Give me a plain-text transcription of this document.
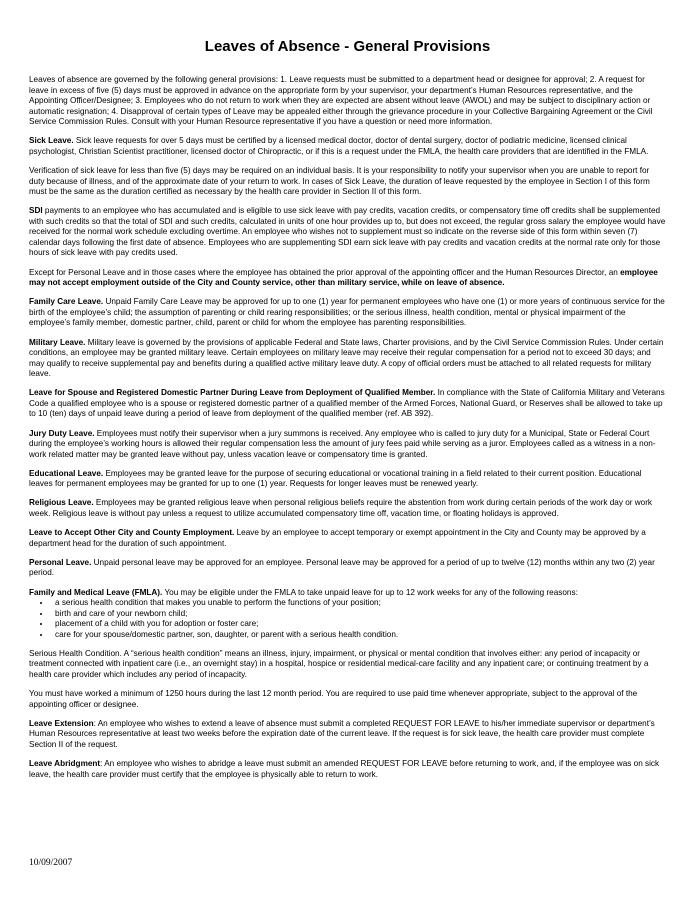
Leaves of Absence - General Provisions

Leaves of absence are governed by the following general provisions: 1. Leave requests must be submitted to a department head or designee for approval; 2. A request for leave in excess of five (5) days must be approved in advance on the appropriate form by your supervisor, your department’s Human Resources representative, and the Appointing Officer/Designee; 3. Employees who do not return to work when they are expected are absent without leave (AWOL) and may be subject to disciplinary action or automatic resignation; 4. Disapproval of certain types of Leave may be appealed either through the grievance procedure in your Collective Bargaining Agreement or the Civil Service Commission Rules. Consult with your Human Resource representative if you have a question or need more information.

Sick Leave. Sick leave requests for over 5 days must be certified by a licensed medical doctor, doctor of dental surgery, doctor of podiatric medicine, licensed clinical psychologist, Christian Scientist practitioner, licensed doctor of Chiropractic, or if this is a request under the FMLA, the health care providers that are identified in the FMLA.

Verification of sick leave for less than five (5) days may be required on an individual basis. It is your responsibility to notify your supervisor when you are unable to report for duty because of illness, and of the approximate date of your return to work. In cases of Sick Leave, the duration of leave requested by the employee in Section I of this form must be the same as the duration certified as necessary by the health care provider in Section II of this form.

SDI payments to an employee who has accumulated and is eligible to use sick leave with pay credits, vacation credits, or compensatory time off credits shall be supplemented with such credits so that the total of SDI and such credits, calculated in units of one hour provides up to, but does not exceed, the regular gross salary the employee would have received for the normal work schedule excluding overtime. An employee who wishes not to supplement must so indicate on the reverse side of this form within seven (7) calendar days following the first date of absence. Employees who are supplementing SDI earn sick leave with pay credits and vacation credits at the normal rate only for those hours of sick leave with pay credits used.

Except for Personal Leave and in those cases where the employee has obtained the prior approval of the appointing officer and the Human Resources Director, an employee may not accept employment outside of the City and County service, other than military service, while on leave of absence.

Family Care Leave. Unpaid Family Care Leave may be approved for up to one (1) year for permanent employees who have one (1) or more years of continuous service for the birth of the employee’s child; the assumption of parenting or child rearing responsibilities; or the serious illness, health condition, mental or physical impairment of the employee’s family member, domestic partner, child, parent or child for whom the employee has parenting responsibilities.

Military Leave. Military leave is governed by the provisions of applicable Federal and State laws, Charter provisions, and by the Civil Service Commission Rules. Under certain conditions, an employee may be granted military leave. Certain employees on military leave may receive their regular compensation for a period not to exceed 30 days; and may qualify to receive supplemental pay and benefits during a qualified active military leave duty. A copy of official orders must be attached to all related requests for military leave.

Leave for Spouse and Registered Domestic Partner During Leave from Deployment of Qualified Member. In compliance with the State of California Military and Veterans Code a qualified employee who is a spouse or registered domestic partner of a qualified member of the Armed Forces, National Guard, or Reserves shall be allowed to take up to 10 (ten) days of unpaid leave during a period of leave from deployment of the qualified member (ref. AB 392).

Jury Duty Leave. Employees must notify their supervisor when a jury summons is received. Any employee who is called to jury duty for a Municipal, State or Federal Court during the employee’s working hours is allowed their regular compensation less the amount of jury fees paid while serving as a juror. Employees called as a witness in a non-work related matter may be granted leave without pay, unless vacation leave or compensatory time is granted.

Educational Leave. Employees may be granted leave for the purpose of securing educational or vocational training in a field related to their current position. Educational leaves for permanent employees may be granted for up to one (1) year. Requests for longer leaves must be renewed yearly.

Religious Leave. Employees may be granted religious leave when personal religious beliefs require the abstention from work during certain periods of the work day or work week. Religious leave is without pay unless a request to utilize accumulated compensatory time off, vacation time, or floating holidays is approved.

Leave to Accept Other City and County Employment. Leave by an employee to accept temporary or exempt appointment in the City and County may be approved by a department head for the duration of such appointment.

Personal Leave. Unpaid personal leave may be approved for an employee. Personal leave may be approved for a period of up to twelve (12) months within any two (2) year period.

Family and Medical Leave (FMLA). You may be eligible under the FMLA to take unpaid leave for up to 12 work weeks for any of the following reasons:

• a serious health condition that makes you unable to perform the functions of your position;
• birth and care of your newborn child;
• placement of a child with you for adoption or foster care;
• care for your spouse/domestic partner, son, daughter, or parent with a serious health condition.

Serious Health Condition. A “serious health condition” means an illness, injury, impairment, or physical or mental condition that involves either: any period of incapacity or treatment connected with inpatient care (i.e., an overnight stay) in a hospital, hospice or residential medical-care facility and any inpatient care; or continuing treatment by a health care provider which includes any period of incapacity.

You must have worked a minimum of 1250 hours during the last 12 month period. You are required to use paid time whenever appropriate, subject to the approval of the appointing officer or designee.

Leave Extension: An employee who wishes to extend a leave of absence must submit a completed REQUEST FOR LEAVE to his/her immediate supervisor or department’s Human Resources representative at least two weeks before the expiration date of the current leave. If the request is for sick leave, the health care provider must complete Section II of the request.

Leave Abridgment: An employee who wishes to abridge a leave must submit an amended REQUEST FOR LEAVE before returning to work, and, if the employee was on sick leave, the health care provider must certify that the employee is physically able to return to work.

10/09/2007
